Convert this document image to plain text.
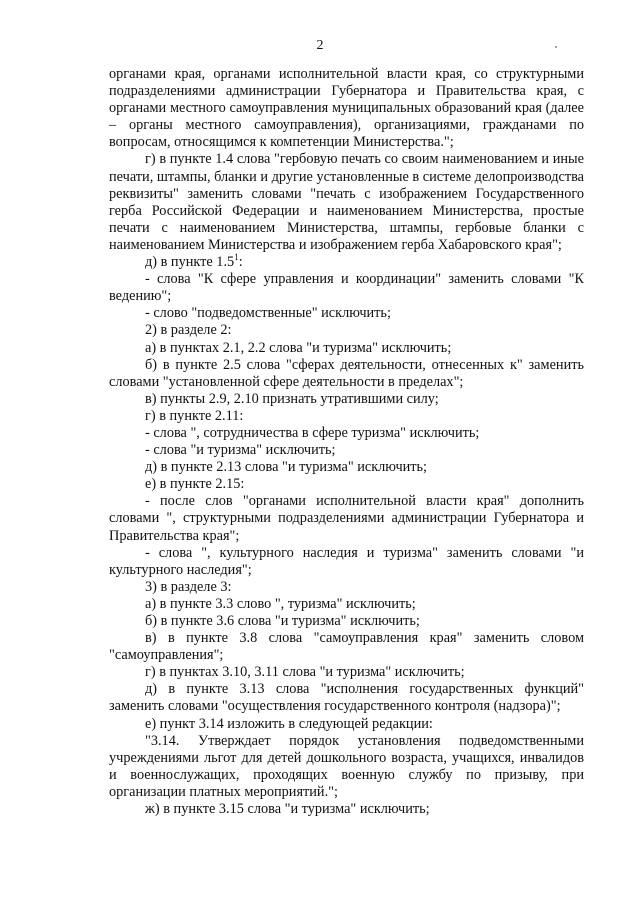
2

органами края, органами исполнительной власти края, со структурными подразделениями администрации Губернатора и Правительства края, с органами местного самоуправления муниципальных образований края (далее – органы местного самоуправления), организациями, гражданами по вопросам, относящимся к компетенции Министерства.";

г) в пункте 1.4 слова "гербовую печать со своим наименованием и иные печати, штампы, бланки и другие установленные в системе делопроизводства реквизиты" заменить словами "печать с изображением Государственного герба Российской Федерации и наименованием Министерства, простые печати с наименованием Министерства, штампы, гербовые бланки с наименованием Министерства и изображением герба Хабаровского края";

д) в пункте $1.5^1$:

- слова "К сфере управления и координации" заменить словами "К ведению";

- слово "подведомственные" исключить;

2) в разделе 2:

а) в пунктах 2.1, 2.2 слова "и туризма" исключить;

б) в пункте 2.5 слова "сферах деятельности, отнесенных к" заменить словами "установленной сфере деятельности в пределах";

в) пункты 2.9, 2.10 признать утратившими силу;

г) в пункте 2.11:

- слова ", сотрудничества в сфере туризма" исключить;

- слова "и туризма" исключить;

д) в пункте 2.13 слова "и туризма" исключить;

е) в пункте 2.15:

- после слов "органами исполнительной власти края" дополнить словами ", структурными подразделениями администрации Губернатора и Правительства края";

- слова ", культурного наследия и туризма" заменить словами "и культурного наследия";

3) в разделе 3:

а) в пункте 3.3 слово ", туризма" исключить;

б) в пункте 3.6 слова "и туризма" исключить;

в) в пункте 3.8 слова "самоуправления края" заменить словом "самоуправления";

г) в пунктах 3.10, 3.11 слова "и туризма" исключить;

д) в пункте 3.13 слова "исполнения государственных функций" заменить словами "осуществления государственного контроля (надзора)";

е) пункт 3.14 изложить в следующей редакции:

"3.14. Утверждает порядок установления подведомственными учреждениями льгот для детей дошкольного возраста, учащихся, инвалидов и военнослужащих, проходящих военную службу по призыву, при организации платных мероприятий.";

ж) в пункте 3.15 слова "и туризма" исключить;
